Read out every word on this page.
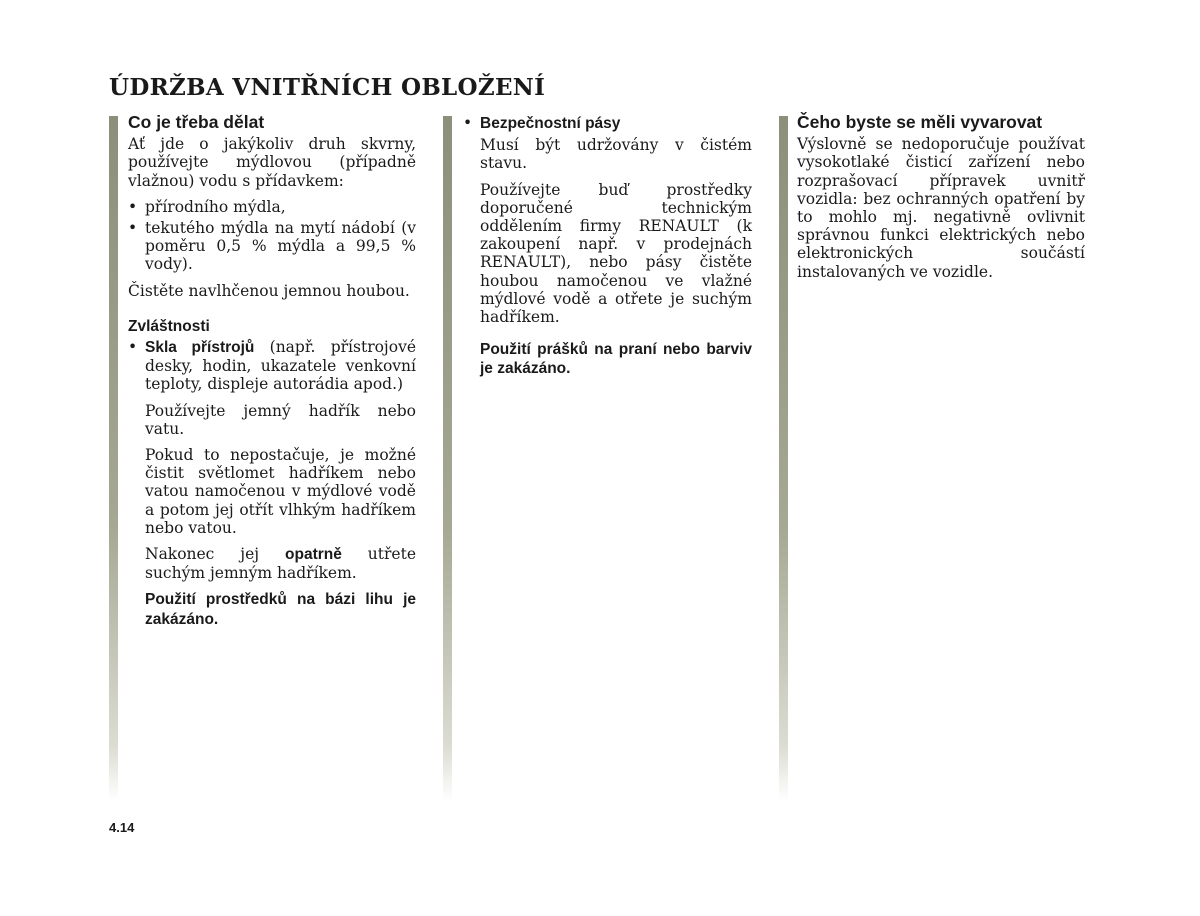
ÚDRŽBA VNITŘNÍCH OBLOŽENÍ

Co je třeba dělat

Ať jde o jakýkoliv druh skvrny, používejte mýdlovou (případně vlažnou) vodu s přídavkem:

• přírodního mýdla,

• tekutého mýdla na mytí nádobí (v poměru 0,5 % mýdla a 99,5 % vody).

Čistěte navlhčenou jemnou houbou.

Zvláštnosti

• Skla přístrojů (např. přístrojové desky, hodin, ukazatele venkovní teploty, displeje autorádia apod.)

Používejte jemný hadřík nebo vatu.

Pokud to nepostačuje, je možné čistit světlomet hadříkem nebo vatou namočenou v mýdlové vodě a potom jej otřít vlhkým hadříkem nebo vatou.

Nakonec jej opatrně utřete suchým jemným hadříkem.

Použití prostředků na bázi lihu je zakázáno.

• Bezpečnostní pásy

Musí být udržovány v čistém stavu.

Používejte buď prostředky doporučené technickým oddělením firmy RENAULT (k zakoupení např. v prodejnách RENAULT), nebo pásy čistěte houbou namočenou ve vlažné mýdlové vodě a otřete je suchým hadříkem.

Použití prášků na praní nebo barviv je zakázáno.

Čeho byste se měli vyvarovat

Výslovně se nedoporučuje používat vysokotlaké čisticí zařízení nebo rozprašovací přípravek uvnitř vozidla: bez ochranných opatření by to mohlo mj. negativně ovlivnit správnou funkci elektrických nebo elektronických součástí instalovaných ve vozidle.

4.14
